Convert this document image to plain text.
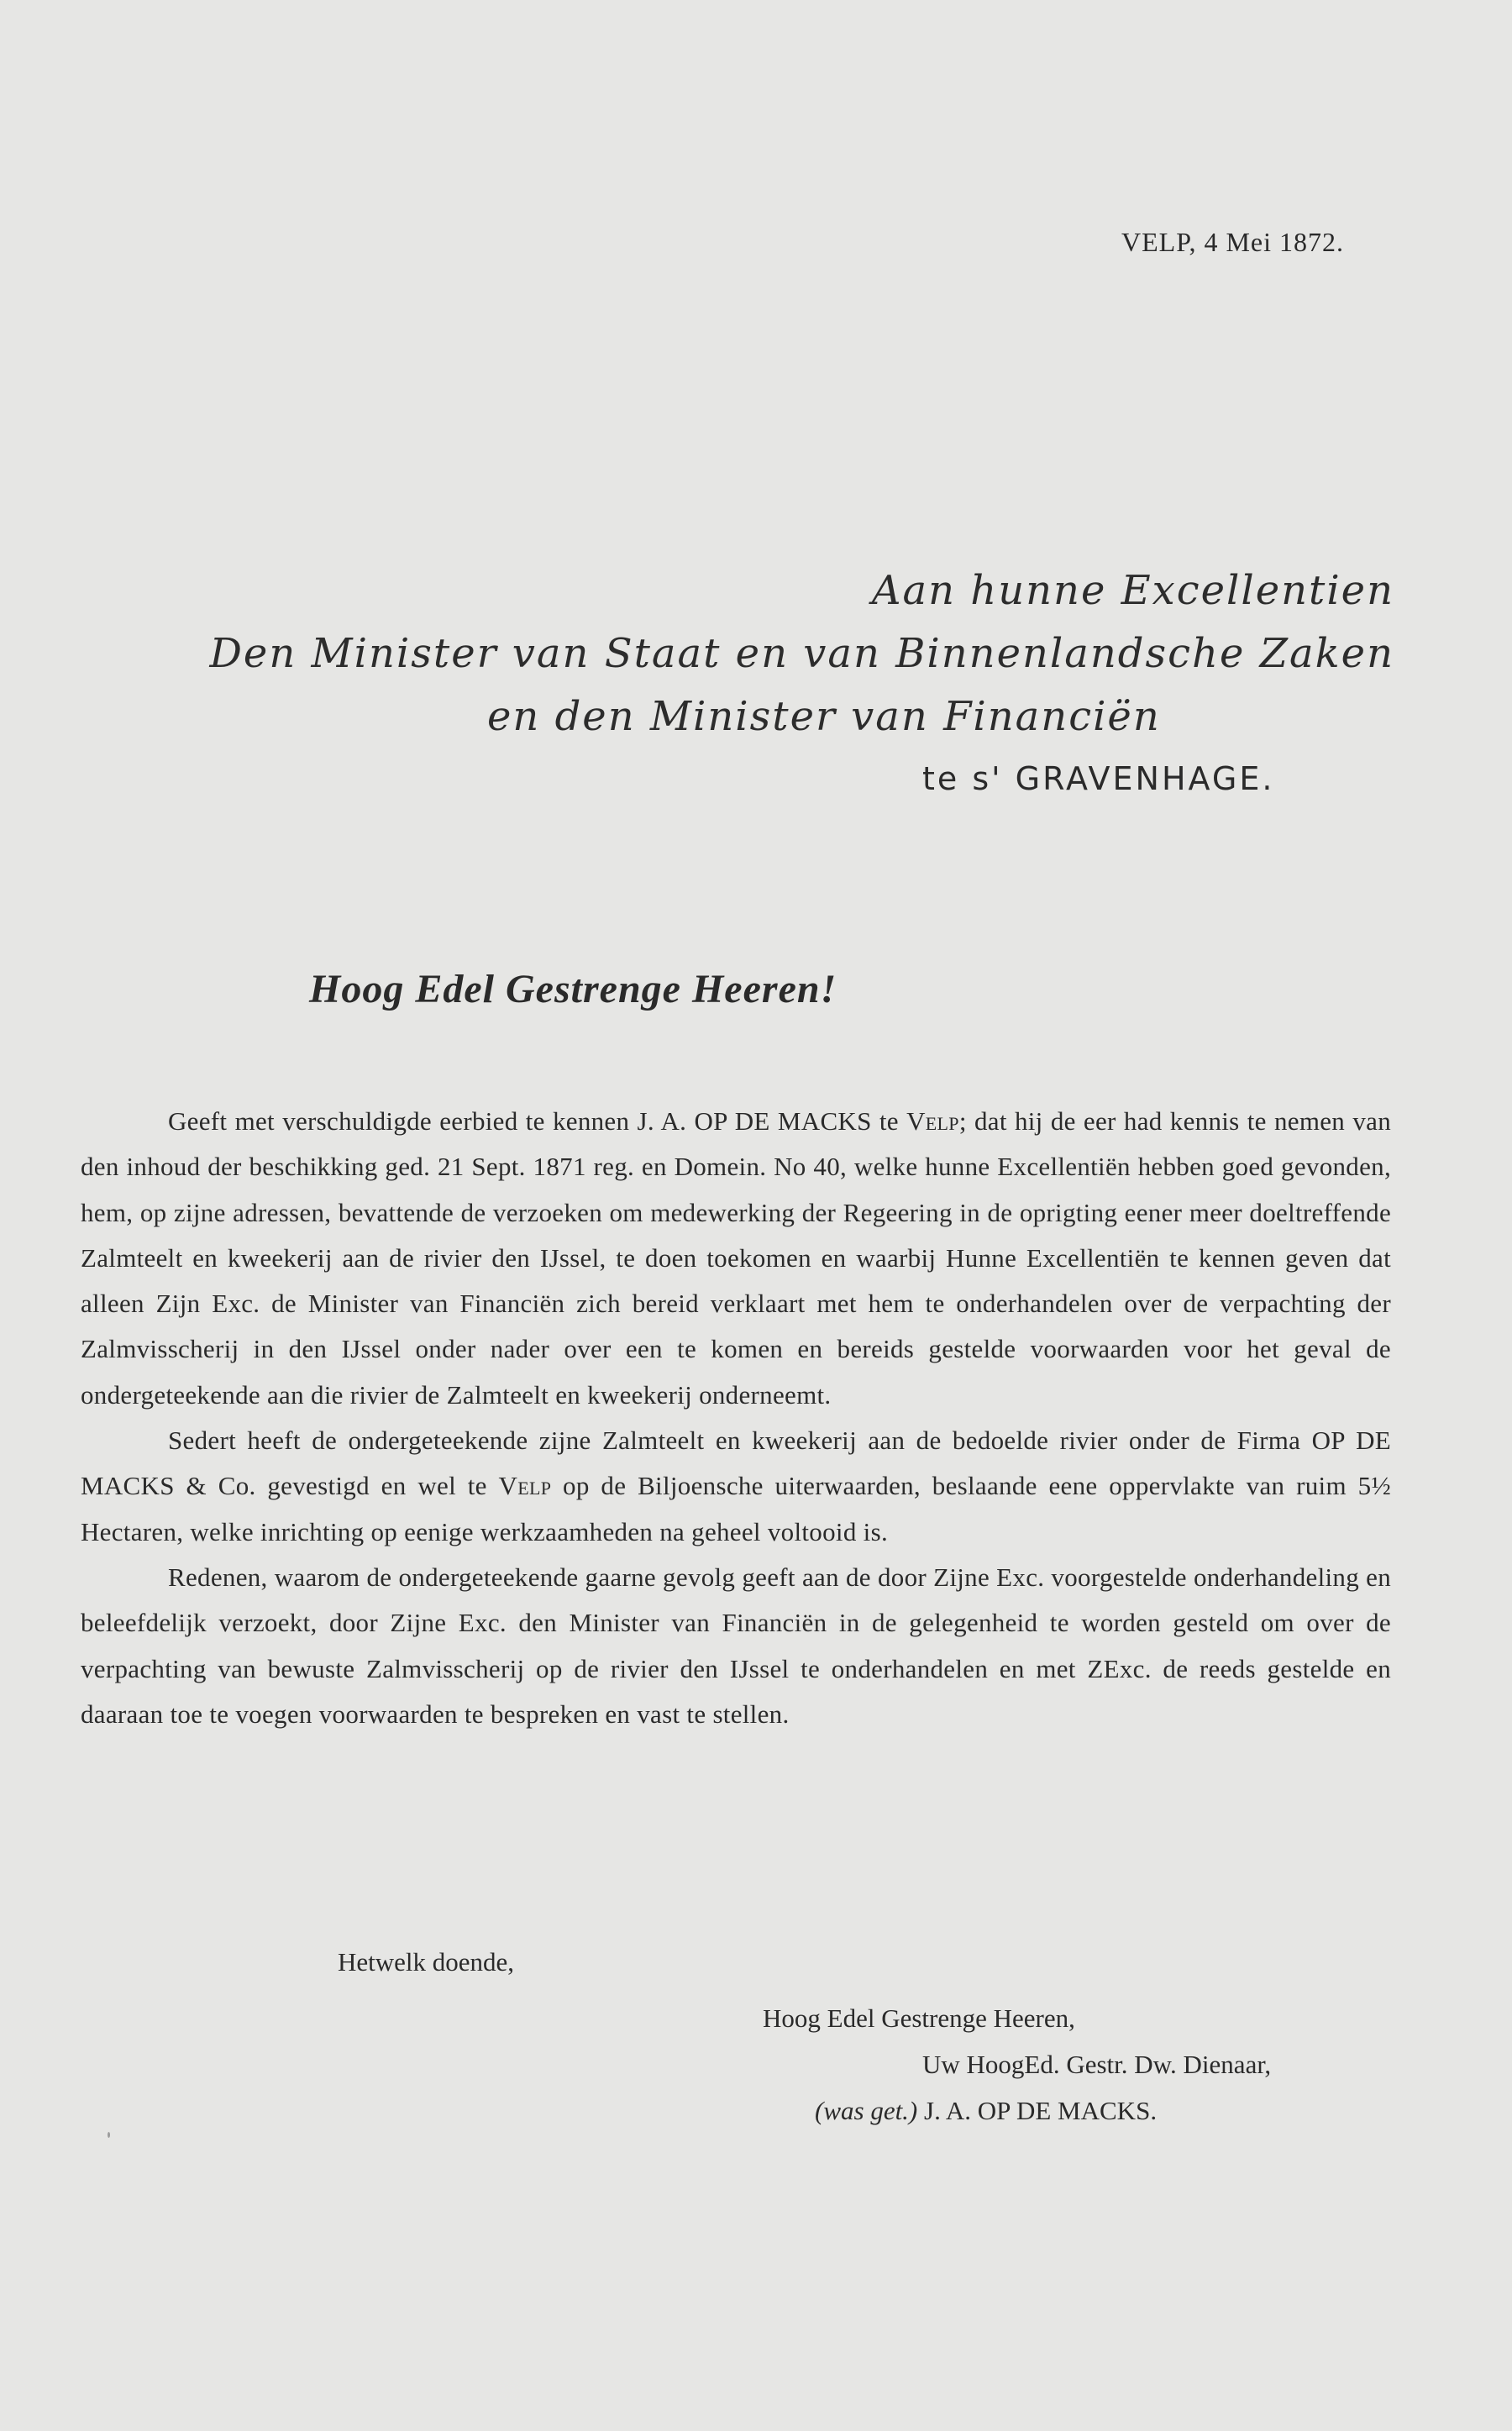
VELP, 4 Mei 1872.
Aan hunne Excellentien
Den Minister van Staat en van Binnenlandsche Zaken
en den Minister van Financiën
te s' GRAVENHAGE.
Hoog Edel Gestrenge Heeren!

Geeft met verschuldigde eerbied te kennen J. A. OP DE MACKS te Velp; dat hij de eer had kennis te nemen van den inhoud der beschikking ged. 21 Sept. 1871 reg. en Domein. No 40, welke hunne Excellentiën hebben goed gevonden, hem, op zijne adressen, bevattende de verzoeken om medewerking der Regeering in de oprigting eener meer doeltreffende Zalmteelt en kweekerij aan de rivier den IJssel, te doen toekomen en waarbij Hunne Excellentiën te kennen geven dat alleen Zijn Exc. de Minister van Financiën zich bereid verklaart met hem te onderhandelen over de verpachting der Zalmvisscherij in den IJssel onder nader over een te komen en bereids gestelde voorwaarden voor het geval de ondergeteekende aan die rivier de Zalmteelt en kweekerij onderneemt.

Sedert heeft de ondergeteekende zijne Zalmteelt en kweekerij aan de bedoelde rivier onder de Firma OP DE MACKS & Co. gevestigd en wel te Velp op de Biljoensche uiterwaarden, beslaande eene oppervlakte van ruim 5½ Hectaren, welke inrichting op eenige werkzaamheden na geheel voltooid is.

Redenen, waarom de ondergeteekende gaarne gevolg geeft aan de door Zijne Exc. voorgestelde onderhandeling en beleefdelijk verzoekt, door Zijne Exc. den Minister van Financiën in de gelegenheid te worden gesteld om over de verpachting van bewuste Zalmvisscherij op de rivier den IJssel te onderhandelen en met ZExc. de reeds gestelde en daaraan toe te voegen voorwaarden te bespreken en vast te stellen.

Hetwelk doende,
Hoog Edel Gestrenge Heeren,
Uw HoogEd. Gestr. Dw. Dienaar,
(was get.) J. A. OP DE MACKS.
